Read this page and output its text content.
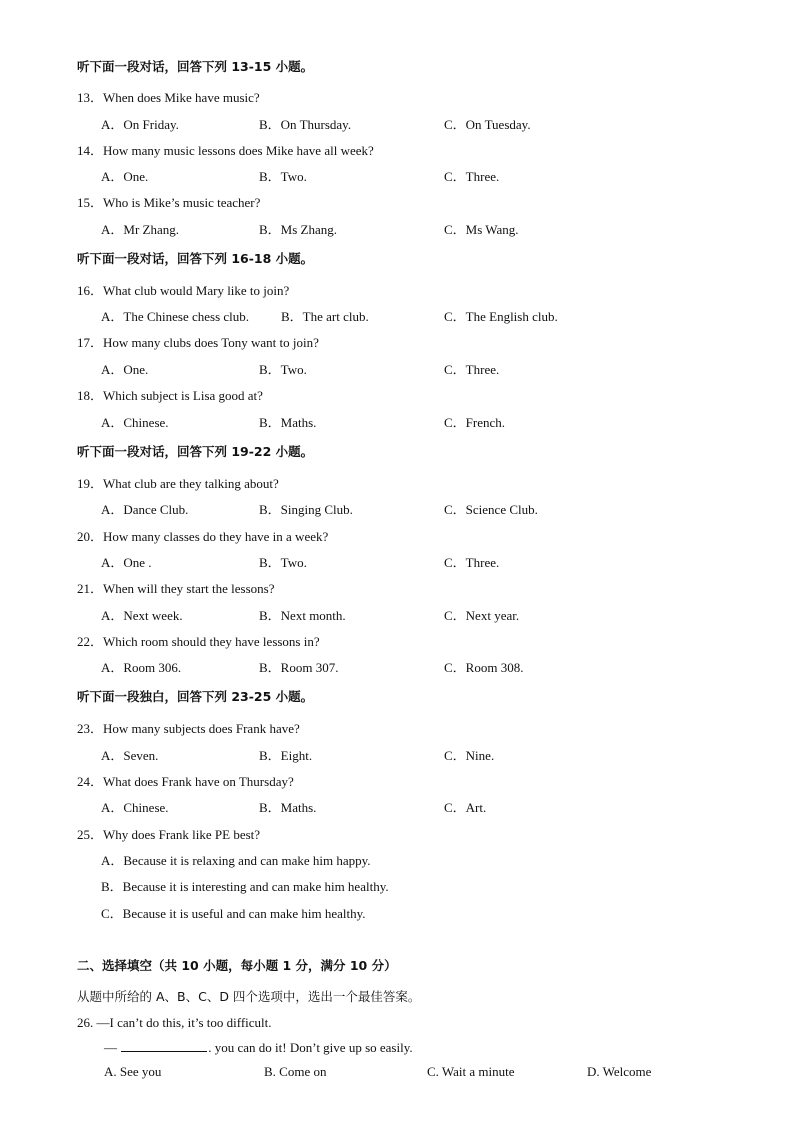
听下面一段对话，回答下列 13-15 小题。
13．When does Mike have music?
A．On Friday.	B．On Thursday.	C．On Tuesday.
14．How many music lessons does Mike have all week?
A．One.	B．Two.	C．Three.
15．Who is Mike’s music teacher?
A．Mr Zhang.	B．Ms Zhang.	C．Ms Wang.
听下面一段对话，回答下列 16-18 小题。
16．What club would Mary like to join?
A．The Chinese chess club. B．The art club.	C．The English club.
17．How many clubs does Tony want to join?
A．One.	B．Two.	C．Three.
18．Which subject is Lisa good at?
A．Chinese.	B．Maths.	C．French.
听下面一段对话，回答下列 19-22 小题。
19．What club are they talking about?
A．Dance Club.	B．Singing Club.	C．Science Club.
20．How many classes do they have in a week?
A．One .	B．Two.	C．Three.
21．When will they start the lessons?
A．Next week.	B．Next month.	C．Next year.
22．Which room should they have lessons in?
A．Room 306.	B．Room 307.	C．Room 308.
听下面一段独白，回答下列 23-25 小题。
23．How many subjects does Frank have?
A．Seven.	B．Eight.	C．Nine.
24．What does Frank have on Thursday?
A．Chinese.	B．Maths.	C．Art.
25．Why does Frank like PE best?
A．Because it is relaxing and can make him happy.
B．Because it is interesting and can make him healthy.
C．Because it is useful and can make him healthy.
二、选择填空（共 10 小题，每小题 1 分，满分 10 分）
从题中所给的 A、B、C、D 四个选项中，选出一个最佳答案。
26. —I can’t do this, it’s too difficult.
—	. you can do it! Don’t give up so easily.
A. See you	B. Come on	C. Wait a minute	D. Welcome
